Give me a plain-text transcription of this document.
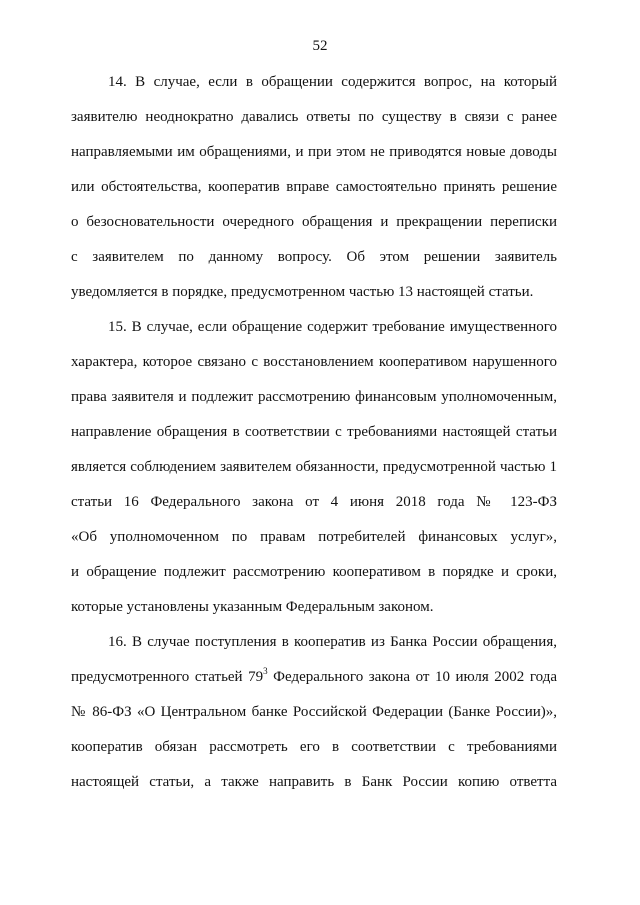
52
14. В случае, если в обращении содержится вопрос, на который
заявителю неоднократно давались ответы по существу в связи с ранее
направляемыми им обращениями, и при этом не приводятся новые доводы
или обстоятельства, кооператив вправе самостоятельно принять решение
о безосновательности очередного обращения и прекращении переписки
с заявителем по данному вопросу. Об этом решении заявитель
уведомляется в порядке, предусмотренном частью 13 настоящей статьи.
15. В случае, если обращение содержит требование имущественного
характера, которое связано с восстановлением кооперативом нарушенного
права заявителя и подлежит рассмотрению финансовым уполномоченным,
направление обращения в соответствии с требованиями настоящей статьи
является соблюдением заявителем обязанности, предусмотренной частью 1
статьи 16 Федерального закона от 4 июня 2018 года № 123-ФЗ
«Об уполномоченном по правам потребителей финансовых услуг»,
и обращение подлежит рассмотрению кооперативом в порядке и сроки,
которые установлены указанным Федеральным законом.
16. В случае поступления в кооператив из Банка России обращения,
предусмотренного статьей $79^3$ Федерального закона от 10 июля 2002 года
№ 86-ФЗ «О Центральном банке Российской Федерации (Банке России)»,
кооператив обязан рассмотреть его в соответствии с требованиями
настоящей статьи, а также направить в Банк России копию ответта
